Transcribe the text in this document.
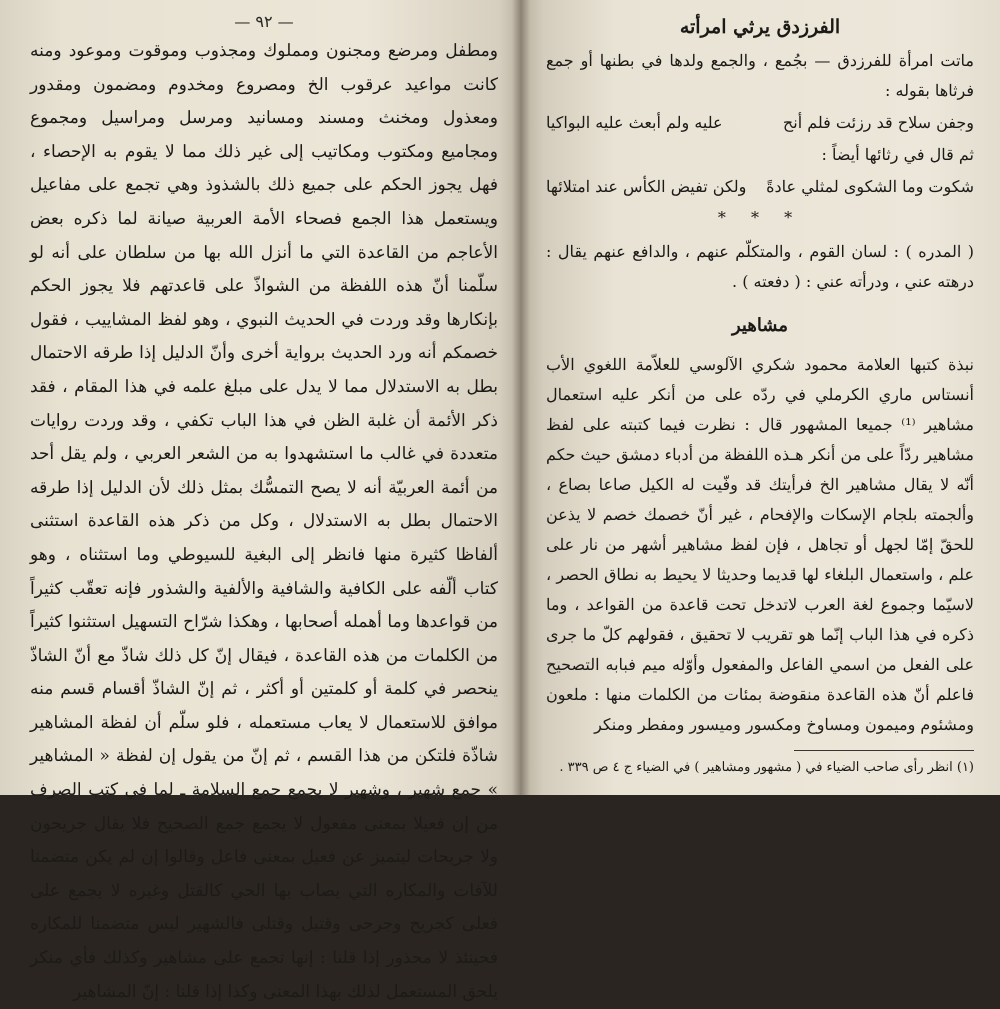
— ٩٢ —

ومطفل ومرضع ومجنون ومملوك ومجذوب وموقوت وموعود ومنه كانت مواعيد عرقوب الخ ومصروع ومخدوم ومضمون ومقدور ومعذول ومخنث ومسند ومسانيد ومرسل ومراسيل ومجموع ومجاميع ومكتوب ومكاتيب إلى غير ذلك مما لا يقوم به الإحصاء ، فهل يجوز الحكم على جميع ذلك بالشذوذ وهي تجمع على مفاعيل ويستعمل هذا الجمع فصحاء الأمة العربية صيانة لما ذكره بعض الأعاجم من القاعدة التي ما أنزل الله بها من سلطان على أنه لو سلّمنا أنّ هذه اللفظة من الشواذّ على قاعدتهم فلا يجوز الحكم بإنكارها وقد وردت في الحديث النبوي ، وهو لفظ المشاييب ، فقول خصمكم أنه ورد الحديث برواية أخرى وأنّ الدليل إذا طرقه الاحتمال بطل به الاستدلال مما لا يدل على مبلغ علمه في هذا المقام ، فقد ذكر الأئمة أن غلبة الظن في هذا الباب تكفي ، وقد وردت روايات متعددة في غالب ما استشهدوا به من الشعر العربي ، ولم يقل أحد من أئمة العربيّة أنه لا يصح التمسُّك بمثل ذلك لأن الدليل إذا طرقه الاحتمال بطل به الاستدلال ، وكل من ذكر هذه القاعدة استثنى ألفاظا كثيرة منها فانظر إلى البغية للسيوطي وما استثناه ، وهو كتاب ألّفه على الكافية والشافية والألفية والشذور فإنه تعقّب كثيراً من قواعدها وما أهمله أصحابها ، وهكذا شرّاح التسهيل استثنوا كثيراً من الكلمات من هذه القاعدة ، فيقال إنّ كل ذلك شاذّ مع أنّ الشاذّ ينحصر في كلمة أو كلمتين أو أكثر ، ثم إنّ الشاذّ أقسام قسم منه موافق للاستعمال لا يعاب مستعمله ، فلو سلّم أن لفظة المشاهير شاذّة فلتكن من هذا القسم ، ثم إنّ من يقول إن لفظة « المشاهير » جمع شهير ، وشهير لا يجمع جمع السلامة ـ لما في كتب الصرف من إن فعيلا بمعنى مفعول لا يجمع جمع الصحيح فلا يقال جريحون ولا جريحات ليتميز عن فعيل بمعنى فاعل وقالوا إن لم يكن متضمنا للآفات والمكاره التي يصاب بها الحي كالقتل وغيره لا يجمع على فعلى كجريح وجرحى وقتيل وقتلى فالشهير ليس متضمنا للمكاره فحينئذ لا محذور إذا قلنا : إنها تجمع على مشاهير وكذلك فأي منكر يلحق المستعمل لذلك بهذا المعنى وكذا إذا قلنا : إنّ المشاهير

الفرزدق يرثي امرأته

ماتت امرأة للفرزدق — بجُمع ، والجمع ولدها في بطنها أو جمع فرثاها بقوله :

وجفن سلاح قد رزئت فلم أنح
عليه ولم أبعث عليه البواكيا

ثم قال في رثائها أيضاً :

شكوت وما الشكوى لمثلي عادةً
ولكن تفيض الكأس عند امتلائها
* * *

( المدره ) : لسان القوم ، والمتكلّم عنهم ، والدافع عنهم يقال : درهته عني ، ودرأته عني : ( دفعته ) .

مشاهير

نبذة كتبها العلامة محمود شكري الآلوسي للعلاّمة اللغوي الأب أنستاس ماري الكرملي في ردّه على من أنكر عليه استعمال مشاهير ⁽¹⁾ جميعا المشهور قال : نظرت فيما كتبته على لفظ مشاهير ردّاً على من أنكر هـذه اللفظة من أدباء دمشق حيث حكم أنّه لا يقال مشاهير الخ فرأيتك قد وفّيت له الكيل صاعا بصاع ، وألجمته بلجام الإسكات والإفحام ، غير أنّ خصمك خصم لا يذعن للحقّ إمّا لجهل أو تجاهل ، فإن لفظ مشاهير أشهر من نار على علم ، واستعمال البلغاء لها قديما وحديثا لا يحيط به نطاق الحصر ، لاسيّما وجموع لغة العرب لاتدخل تحت قاعدة من القواعد ، وما ذكره في هذا الباب إنّما هو تقريب لا تحقيق ، فقولهم كلّ ما جرى على الفعل من اسمي الفاعل والمفعول وأوّله ميم فبابه التصحيح فاعلم أنّ هذه القاعدة منقوضة بمئات من الكلمات منها : ملعون ومشئوم وميمون ومساوخ ومكسور وميسور ومفطر ومنكر

(١) انظر رأى صاحب الضياء في ( مشهور ومشاهير ) في الضياء ج ٤ ص ٣٣٩ .
